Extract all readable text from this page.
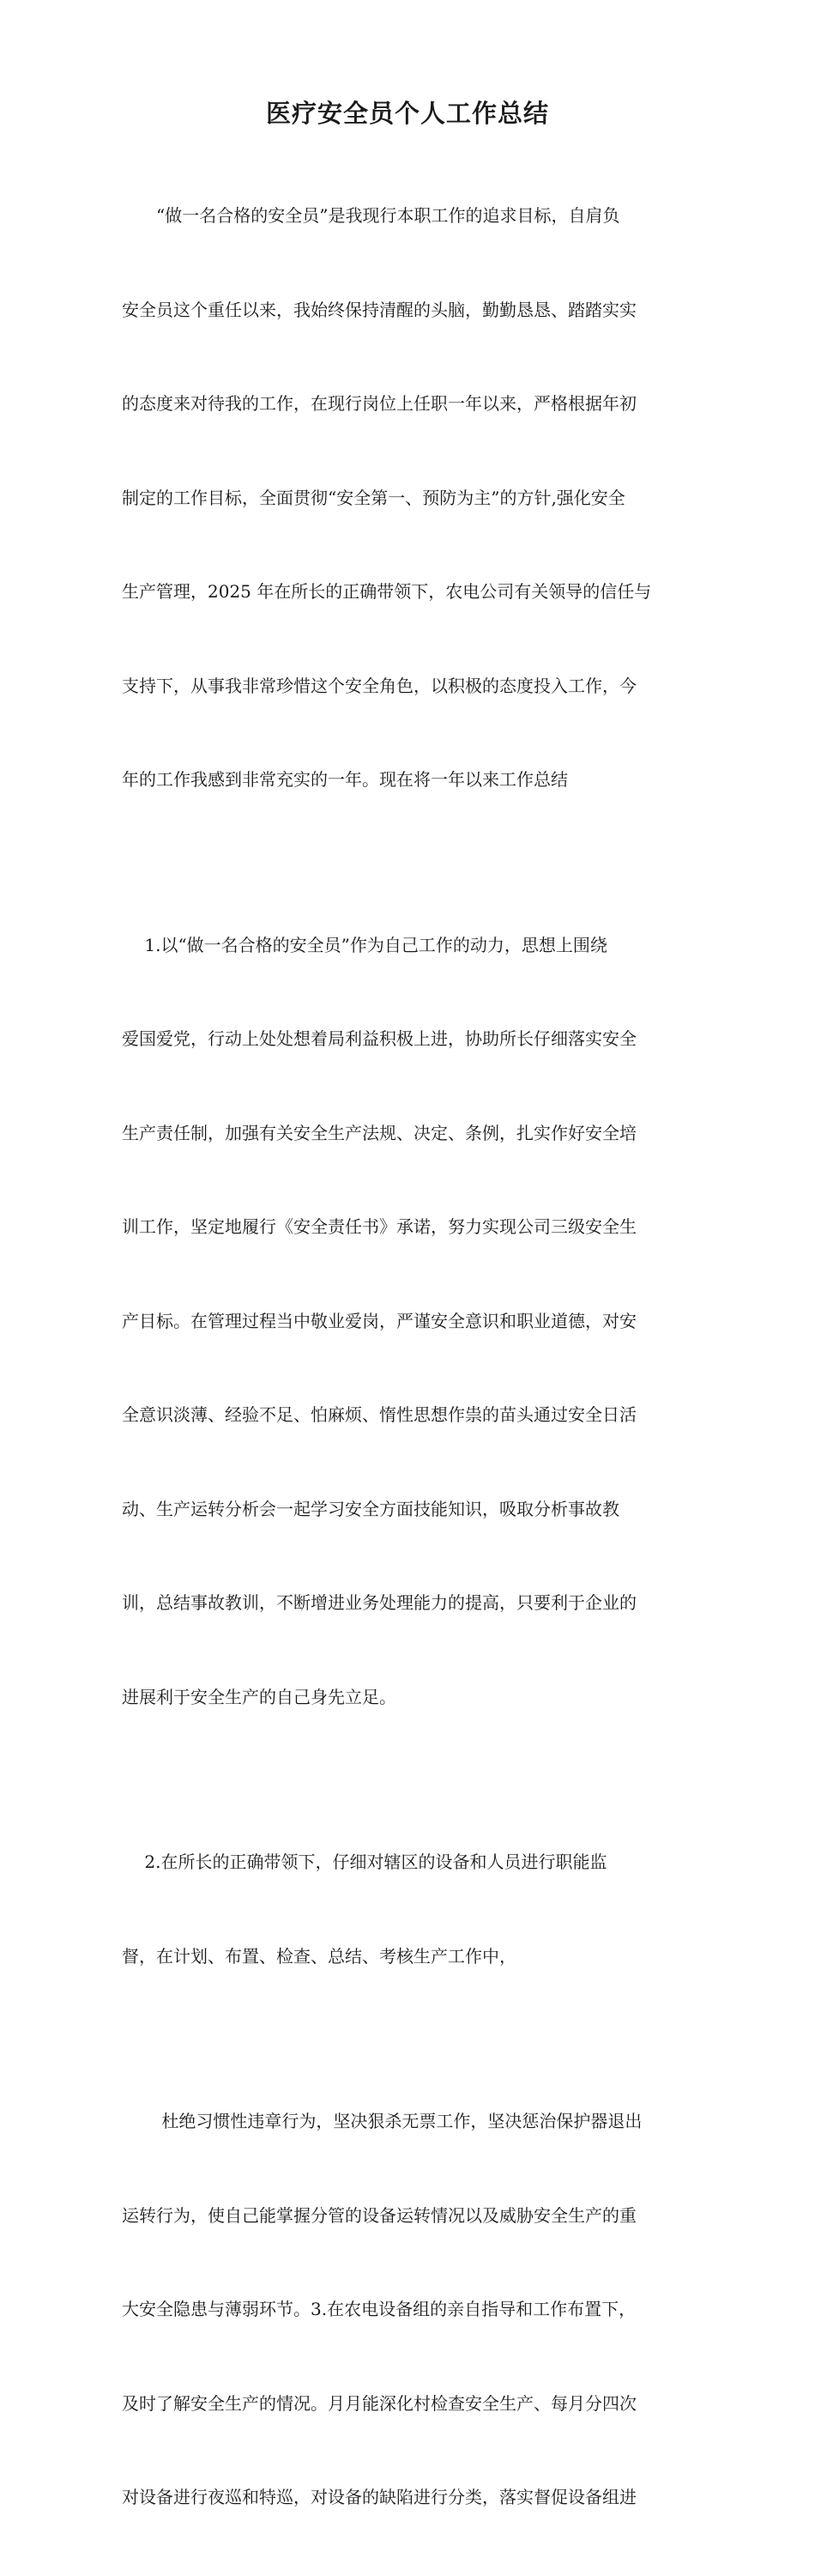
医疗安全员个人工作总结

　　“做一名合格的安全员”是我现行本职工作的追求目标，自肩负

安全员这个重任以来，我始终保持清醒的头脑，勤勤恳恳、踏踏实实

的态度来对待我的工作，在现行岗位上任职一年以来，严格根据年初

制定的工作目标，全面贯彻“安全第一、预防为主”的方针,强化安全

生产管理，2025 年在所长的正确带领下，农电公司有关领导的信任与

支持下，从事我非常珍惜这个安全角色，以积极的态度投入工作，今

年的工作我感到非常充实的一年。现在将一年以来工作总结

　 1.以“做一名合格的安全员”作为自己工作的动力，思想上围绕

爱国爱党，行动上处处想着局利益积极上进，协助所长仔细落实安全

生产责任制，加强有关安全生产法规、决定、条例，扎实作好安全培

训工作，坚定地履行《安全责任书》承诺，努力实现公司三级安全生

产目标。在管理过程当中敬业爱岗，严谨安全意识和职业道德，对安

全意识淡薄、经验不足、怕麻烦、惰性思想作祟的苗头通过安全日活

动、生产运转分析会一起学习安全方面技能知识，吸取分析事故教

训，总结事故教训，不断增进业务处理能力的提高，只要利于企业的

进展利于安全生产的自己身先立足。

　 2.在所长的正确带领下，仔细对辖区的设备和人员进行职能监

督，在计划、布置、检查、总结、考核生产工作中，

　　 杜绝习惯性违章行为，坚决狠杀无票工作，坚决惩治保护器退出

运转行为，使自己能掌握分管的设备运转情况以及威胁安全生产的重

大安全隐患与薄弱环节。3.在农电设备组的亲自指导和工作布置下，

及时了解安全生产的情况。月月能深化村检查安全生产、每月分四次

对设备进行夜巡和特巡，对设备的缺陷进行分类，落实督促设备组进
